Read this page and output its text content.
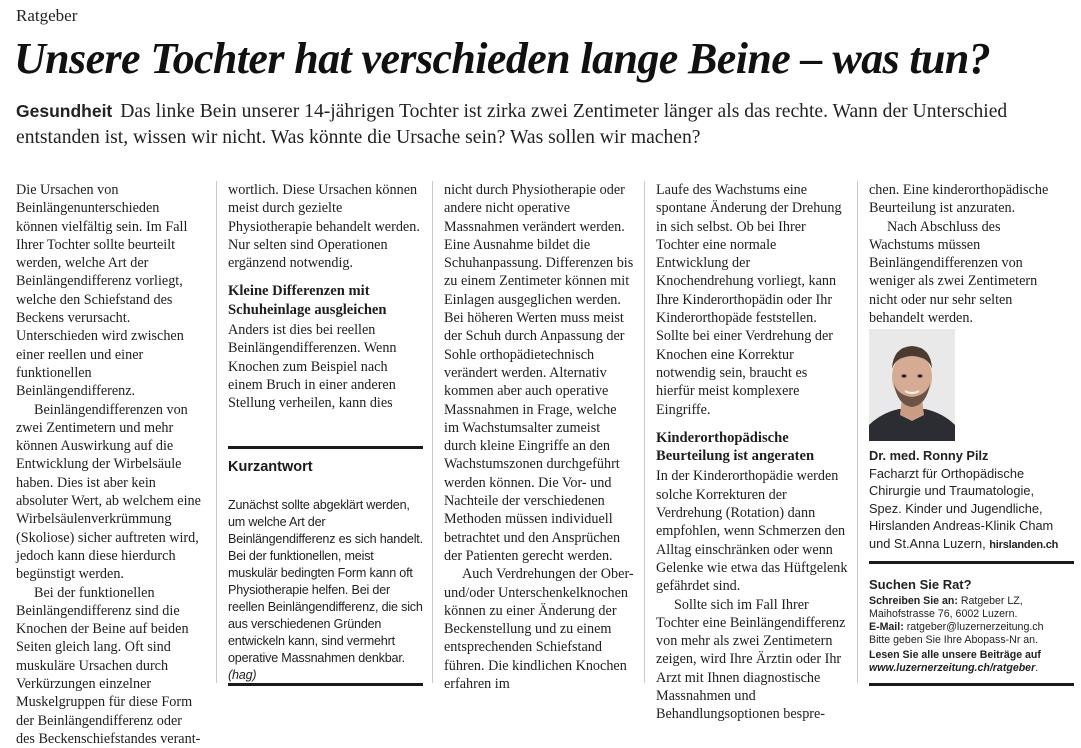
Ratgeber
Unsere Tochter hat verschieden lange Beine – was tun?
Gesundheit Das linke Bein unserer 14-jährigen Tochter ist zirka zwei Zentimeter länger als das rechte. Wann der Unterschied entstanden ist, wissen wir nicht. Was könnte die Ursache sein? Was sollen wir machen?

Die Ursachen von Beinlängenunterschieden können vielfältig sein. Im Fall Ihrer Tochter sollte beurteilt werden, welche Art der Beinlängendifferenz vorliegt, welche den Schiefstand des Beckens verursacht. Unterschieden wird zwischen einer reellen und einer funktionellen Beinlängendifferenz.

Beinlängendifferenzen von zwei Zentimetern und mehr können Auswirkung auf die Entwicklung der Wirbelsäule haben. Dies ist aber kein absoluter Wert, ab welchem eine Wirbelsäulenverkrümmung (Skoliose) sicher auftreten wird, jedoch kann diese hierdurch begünstigt werden.

Bei der funktionellen Beinlängendifferenz sind die Knochen der Beine auf beiden Seiten gleich lang. Oft sind muskuläre Ursachen durch Verkürzungen einzelner Muskelgruppen für diese Form der Beinlängendifferenz oder des Beckenschiefstandes verant-

wortlich. Diese Ursachen können meist durch gezielte Physiotherapie behandelt werden. Nur selten sind Operationen ergänzend notwendig.

Kleine Differenzen mit Schuheinlage ausgleichen

Anders ist dies bei reellen Beinlängendifferenzen. Wenn Knochen zum Beispiel nach einem Bruch in einer anderen Stellung verheilen, kann dies

Kurzantwort
Zunächst sollte abgeklärt werden, um welche Art der Beinlängendifferenz es sich handelt. Bei der funktionellen, meist muskulär bedingten Form kann oft Physiotherapie helfen. Bei der reellen Beinlängendifferenz, die sich aus verschiedenen Gründen entwickeln kann, sind vermehrt operative Massnahmen denkbar. (hag)

nicht durch Physiotherapie oder andere nicht operative Massnahmen verändert werden. Eine Ausnahme bildet die Schuhanpassung. Differenzen bis zu einem Zentimeter können mit Einlagen ausgeglichen werden. Bei höheren Werten muss meist der Schuh durch Anpassung der Sohle orthopädietechnisch verändert werden. Alternativ kommen aber auch operative Massnahmen in Frage, welche im Wachstumsalter zumeist durch kleine Eingriffe an den Wachstumszonen durchgeführt werden können. Die Vor- und Nachteile der verschiedenen Methoden müssen individuell betrachtet und den Ansprüchen der Patienten gerecht werden.

Auch Verdrehungen der Ober- und/oder Unterschenkelknochen können zu einer Änderung der Beckenstellung und zu einem entsprechenden Schiefstand führen. Die kindlichen Knochen erfahren im

Laufe des Wachstums eine spontane Änderung der Drehung in sich selbst. Ob bei Ihrer Tochter eine normale Entwicklung der Knochendrehung vorliegt, kann Ihre Kinderorthopädin oder Ihr Kinderorthopäde feststellen. Sollte bei einer Verdrehung der Knochen eine Korrektur notwendig sein, braucht es hierfür meist komplexere Eingriffe.

Kinderorthopädische Beurteilung ist angeraten

In der Kinderorthopädie werden solche Korrekturen der Verdrehung (Rotation) dann empfohlen, wenn Schmerzen den Alltag einschränken oder wenn Gelenke wie etwa das Hüftgelenk gefährdet sind.

Sollte sich im Fall Ihrer Tochter eine Beinlängendifferenz von mehr als zwei Zentimetern zeigen, wird Ihre Ärztin oder Ihr Arzt mit Ihnen diagnostische Massnahmen und Behandlungsoptionen bespre-

chen. Eine kinderorthopädische Beurteilung ist anzuraten.

Nach Abschluss des Wachstums müssen Beinlängendifferenzen von weniger als zwei Zentimetern nicht oder nur sehr selten behandelt werden.

Dr. med. Ronny Pilz
Facharzt für Orthopädische
Chirurgie und Traumatologie,
Spez. Kinder und Jugendliche,
Hirslanden Andreas-Klinik Cham
und St.Anna Luzern, hirslanden.ch
Suchen Sie Rat?
Schreiben Sie an: Ratgeber LZ,
Maihofstrasse 76, 6002 Luzern.
E-Mail: ratgeber@luzernerzeitung.ch
Bitte geben Sie Ihre Abopass-Nr an.
Lesen Sie alle unsere Beiträge auf
www.luzernerzeitung.ch/ratgeber.
